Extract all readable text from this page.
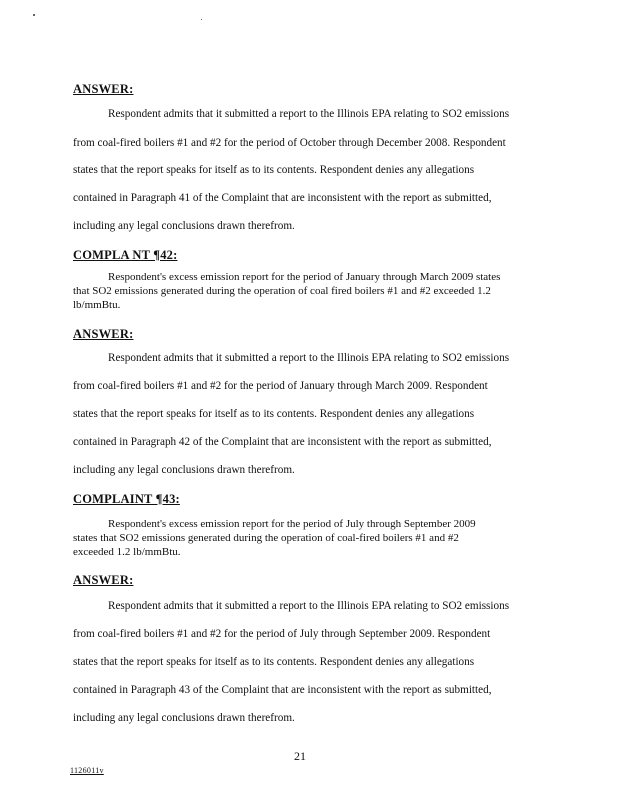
ANSWER:
Respondent admits that it submitted a report to the Illinois EPA relating to SO2 emissions
from coal-fired boilers #1 and #2 for the period of October through December 2008. Respondent
states that the report speaks for itself as to its contents. Respondent denies any allegations
contained in Paragraph 41 of the Complaint that are inconsistent with the report as submitted,
including any legal conclusions drawn therefrom.
COMPLA NT ¶42:
Respondent's excess emission report for the period of January through March 2009 states
that SO2 emissions generated during the operation of coal fired boilers #1 and #2 exceeded 1.2
lb/mmBtu.
ANSWER:
Respondent admits that it submitted a report to the Illinois EPA relating to SO2 emissions
from coal-fired boilers #1 and #2 for the period of January through March 2009. Respondent
states that the report speaks for itself as to its contents. Respondent denies any allegations
contained in Paragraph 42 of the Complaint that are inconsistent with the report as submitted,
including any legal conclusions drawn therefrom.
COMPLAINT ¶43:
Respondent's excess emission report for the period of July through September 2009
states that SO2 emissions generated during the operation of coal-fired boilers #1 and #2
exceeded 1.2 lb/mmBtu.
ANSWER:
Respondent admits that it submitted a report to the Illinois EPA relating to SO2 emissions
from coal-fired boilers #1 and #2 for the period of July through September 2009. Respondent
states that the report speaks for itself as to its contents. Respondent denies any allegations
contained in Paragraph 43 of the Complaint that are inconsistent with the report as submitted,
including any legal conclusions drawn therefrom.
21
1126011v
